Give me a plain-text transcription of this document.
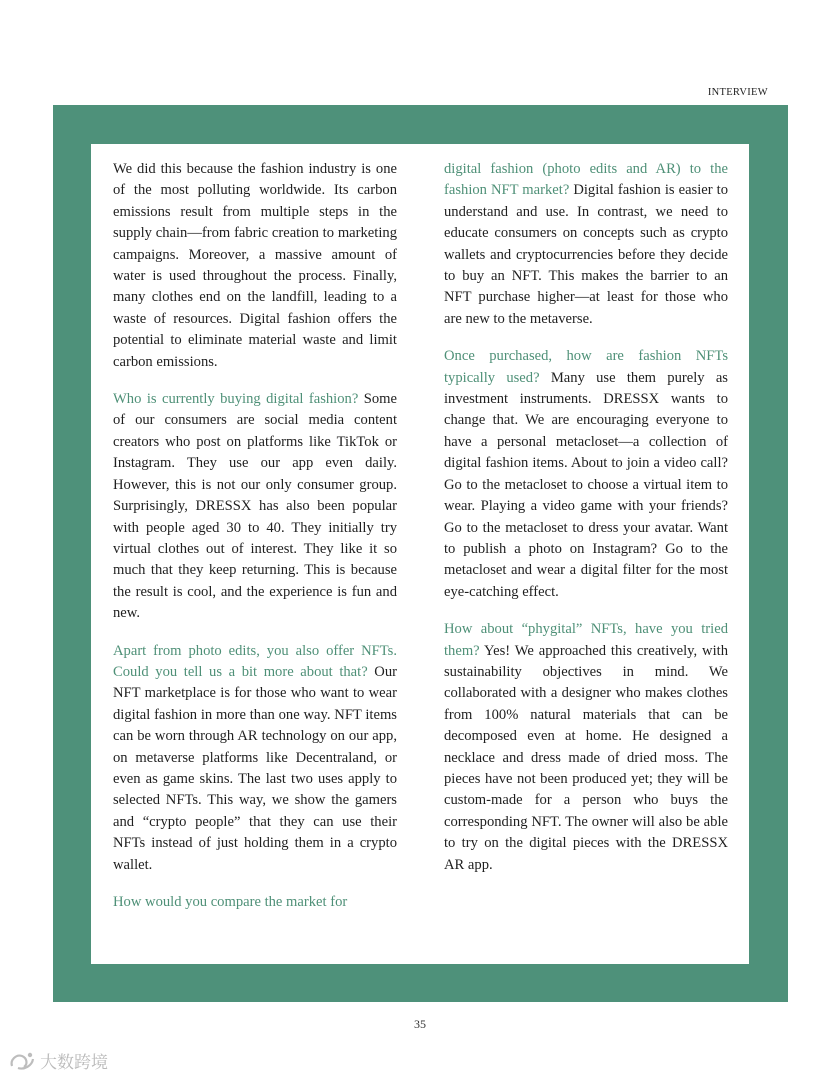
INTERVIEW

We did this because the fashion industry is one of the most polluting worldwide. Its carbon emissions result from multiple steps in the supply chain—from fabric creation to marketing campaigns. Moreover, a massive amount of water is used throughout the process. Finally, many clothes end on the landfill, leading to a waste of resources. Digital fashion offers the potential to eliminate material waste and limit carbon emissions.

Who is currently buying digital fashion? Some of our consumers are social media content creators who post on platforms like TikTok or Instagram. They use our app even daily. However, this is not our only consumer group. Surprisingly, DRESSX has also been popular with people aged 30 to 40. They initially try virtual clothes out of interest. They like it so much that they keep returning. This is because the result is cool, and the experience is fun and new.

Apart from photo edits, you also offer NFTs. Could you tell us a bit more about that? Our NFT marketplace is for those who want to wear digital fashion in more than one way. NFT items can be worn through AR technology on our app, on metaverse platforms like Decentraland, or even as game skins. The last two uses apply to selected NFTs. This way, we show the gamers and “crypto people” that they can use their NFTs instead of just holding them in a crypto wallet.

How would you compare the market for

digital fashion (photo edits and AR) to the fashion NFT market? Digital fashion is easier to understand and use. In contrast, we need to educate consumers on concepts such as crypto wallets and cryptocurrencies before they decide to buy an NFT. This makes the barrier to an NFT purchase higher—at least for those who are new to the metaverse.

Once purchased, how are fashion NFTs typically used? Many use them purely as investment instruments. DRESSX wants to change that. We are encouraging everyone to have a personal metacloset—a collection of digital fashion items. About to join a video call? Go to the metacloset to choose a virtual item to wear. Playing a video game with your friends? Go to the metacloset to dress your avatar. Want to publish a photo on Instagram? Go to the metacloset and wear a digital filter for the most eye-catching effect.

How about “phygital” NFTs, have you tried them? Yes! We approached this creatively, with sustainability objectives in mind. We collaborated with a designer who makes clothes from 100% natural materials that can be decomposed even at home. He designed a necklace and dress made of dried moss. The pieces have not been produced yet; they will be custom-made for a person who buys the corresponding NFT. The owner will also be able to try on the digital pieces with the DRESSX AR app.

35
大数跨境
